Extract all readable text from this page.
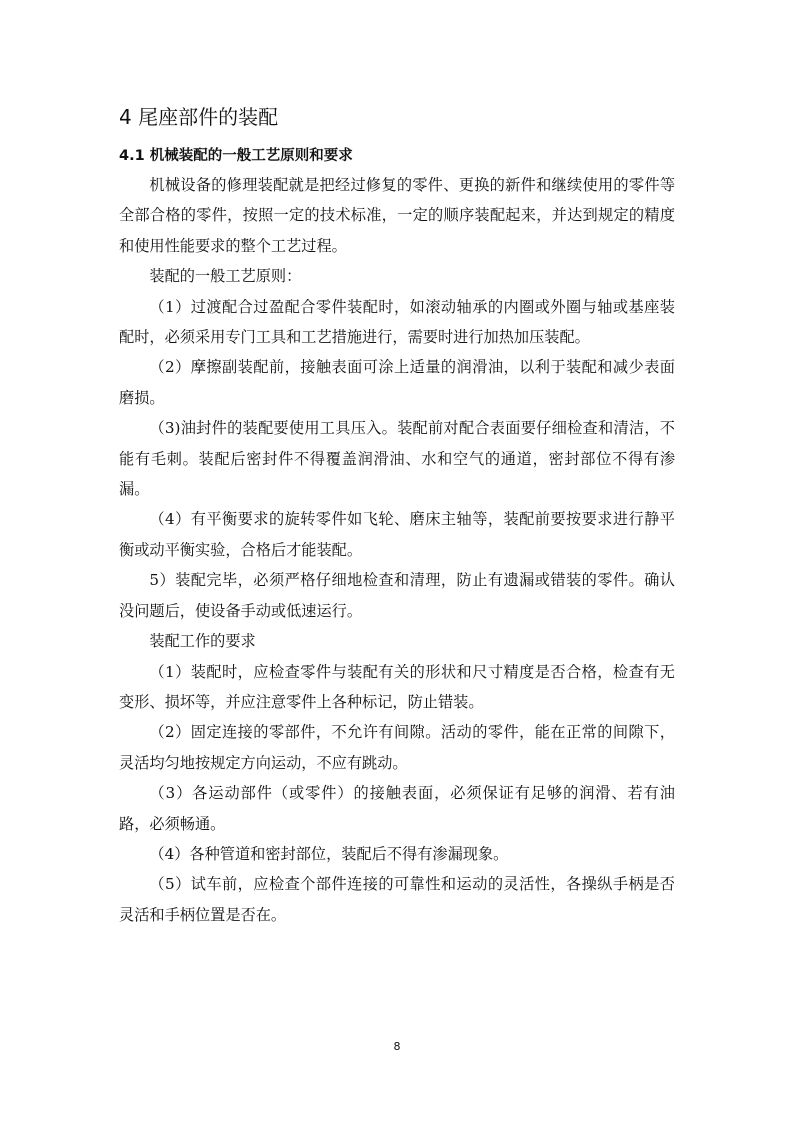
4 尾座部件的装配
4.1 机械装配的一般工艺原则和要求

机械设备的修理装配就是把经过修复的零件、更换的新件和继续使用的零件等全部合格的零件，按照一定的技术标准，一定的顺序装配起来，并达到规定的精度和使用性能要求的整个工艺过程。

装配的一般工艺原则：

（1）过渡配合过盈配合零件装配时，如滚动轴承的内圈或外圈与轴或基座装配时，必须采用专门工具和工艺措施进行，需要时进行加热加压装配。

（2）摩擦副装配前，接触表面可涂上适量的润滑油，以利于装配和减少表面磨损。

（3)油封件的装配要使用工具压入。装配前对配合表面要仔细检查和清洁，不能有毛刺。装配后密封件不得覆盖润滑油、水和空气的通道，密封部位不得有渗漏。

（4）有平衡要求的旋转零件如飞轮、磨床主轴等，装配前要按要求进行静平衡或动平衡实验，合格后才能装配。

5）装配完毕，必须严格仔细地检查和清理，防止有遗漏或错装的零件。确认没问题后，使设备手动或低速运行。

装配工作的要求

（1）装配时，应检查零件与装配有关的形状和尺寸精度是否合格，检查有无变形、损坏等，并应注意零件上各种标记，防止错装。

（2）固定连接的零部件，不允许有间隙。活动的零件，能在正常的间隙下，灵活均匀地按规定方向运动，不应有跳动。

（3）各运动部件（或零件）的接触表面，必须保证有足够的润滑、若有油路，必须畅通。

（4）各种管道和密封部位，装配后不得有渗漏现象。

（5）试车前，应检查个部件连接的可靠性和运动的灵活性，各操纵手柄是否灵活和手柄位置是否在。

8
